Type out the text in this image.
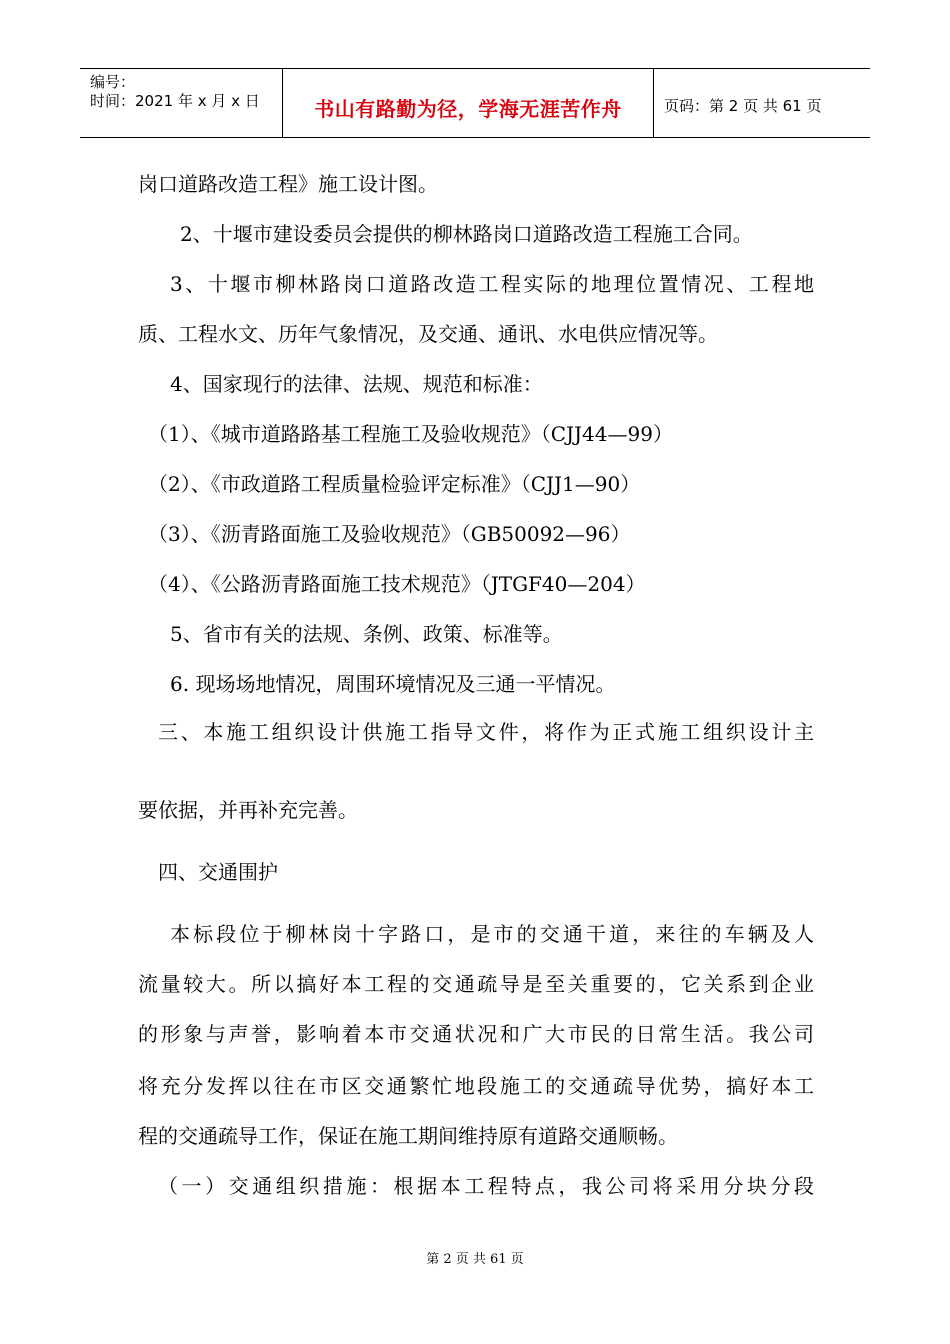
编号：
时间：2021 年 x 月 x 日	书山有路勤为径，学海无涯苦作舟	页码：第 2 页 共 61 页
岗口道路改造工程》施工设计图。
2、十堰市建设委员会提供的柳林路岗口道路改造工程施工合同。
3、十堰市柳林路岗口道路改造工程实际的地理位置情况、工程地
质、工程水文、历年气象情况，及交通、通讯、水电供应情况等。
4、国家现行的法律、法规、规范和标准：
（1）、《城市道路路基工程施工及验收规范》（CJJ44—99）
（2）、《市政道路工程质量检验评定标准》（CJJ1—90）
（3）、《沥青路面施工及验收规范》（GB50092—96）
（4）、《公路沥青路面施工技术规范》（JTGF40—204）
5、省市有关的法规、条例、政策、标准等。
6. 现场场地情况，周围环境情况及三通一平情况。
三、本施工组织设计供施工指导文件，将作为正式施工组织设计主
要依据，并再补充完善。
四、交通围护
本标段位于柳林岗十字路口，是市的交通干道，来往的车辆及人
流量较大。所以搞好本工程的交通疏导是至关重要的，它关系到企业
的形象与声誉，影响着本市交通状况和广大市民的日常生活。我公司
将充分发挥以往在市区交通繁忙地段施工的交通疏导优势，搞好本工
程的交通疏导工作，保证在施工期间维持原有道路交通顺畅。
（一）交通组织措施：根据本工程特点，我公司将采用分块分段
第 2 页 共 61 页
